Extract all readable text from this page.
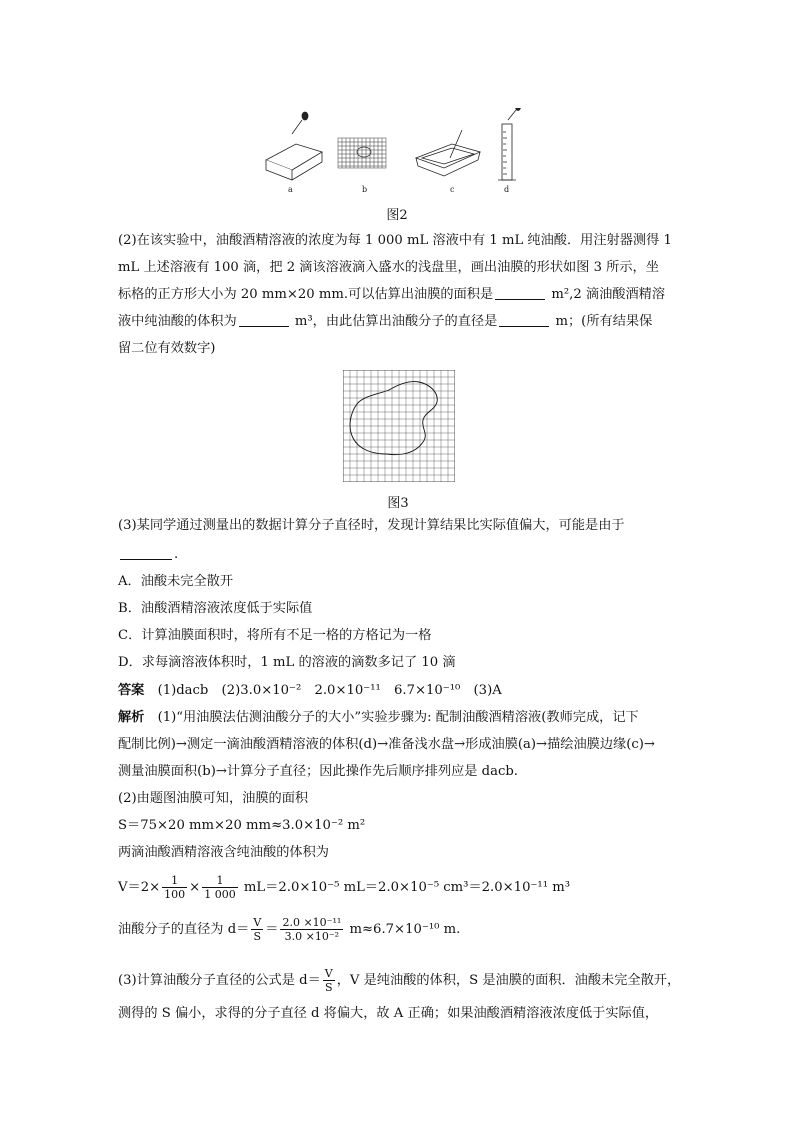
a	b	c	d
图2
(2)在该实验中，油酸酒精溶液的浓度为每 1 000 mL 溶液中有 1 mL 纯油酸．用注射器测得 1
mL 上述溶液有 100 滴，把 2 滴该溶液滴入盛水的浅盘里，画出油膜的形状如图 3 所示，坐
标格的正方形大小为 20 mm×20 mm.可以估算出油膜的面积是	m²,2 滴油酸酒精溶
液中纯油酸的体积为	m³，由此估算出油酸分子的直径是	m；(所有结果保
留二位有效数字)
图3
(3)某同学通过测量出的数据计算分子直径时，发现计算结果比实际值偏大，可能是由于
.
A．油酸未完全散开
B．油酸酒精溶液浓度低于实际值
C．计算油膜面积时，将所有不足一格的方格记为一格
D．求每滴溶液体积时，1 mL 的溶液的滴数多记了 10 滴
答案　 (1)dacb　(2)3.0×10⁻²　2.0×10⁻¹¹　6.7×10⁻¹⁰　(3)A
解析　 (1)“用油膜法估测油酸分子的大小”实验步骤为: 配制油酸酒精溶液(教师完成，记下
配制比例)→测定一滴油酸酒精溶液的体积(d)→准备浅水盘→形成油膜(a)→描绘油膜边缘(c)→
测量油膜面积(b)→计算分子直径；因此操作先后顺序排列应是 dacb.
(2)由题图油膜可知，油膜的面积
S＝75×20 mm×20 mm≈3.0×10⁻² m²
两滴油酸酒精溶液含纯油酸的体积为
$V=2\times \frac{1}{100} \times \frac{1}{1 000} mL=2.0\times 10^{-5}$ mL＝2.0×10⁻⁵ cm³＝2.0×10⁻¹¹ m³
油酸分子的直径为 $d= \frac{V}{S} = \frac{\text{2.0 ×10⁻¹¹}}{\text{3.0 ×10⁻²}} m\approx 6.7\times 10^{-10}$ m.
(3)计算油酸分子直径的公式是 $d= \frac{V}{S}$ ，V 是纯油酸的体积，S 是油膜的面积．油酸未完全散开，
测得的 S 偏小，求得的分子直径 d 将偏大，故 A 正确；如果油酸酒精溶液浓度低于实际值，
